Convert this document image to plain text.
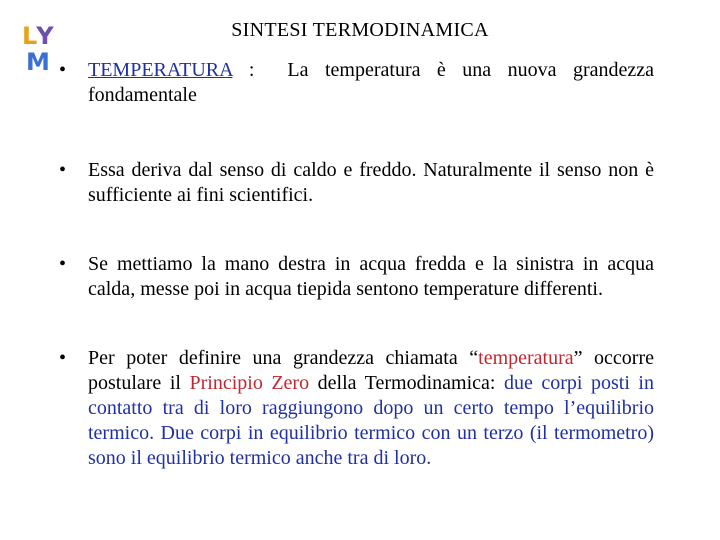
LYM
SINTESI TERMODINAMICA
• TEMPERATURA :  La temperatura è una nuova grandezza fondamentale
• Essa deriva dal senso di caldo e freddo. Naturalmente il senso non è sufficiente ai fini scientifici.
• Se mettiamo la mano destra in acqua fredda e la sinistra in acqua calda, messe poi in acqua tiepida sentono temperature differenti.
• Per poter definire una grandezza chiamata “temperatura” occorre postulare il Principio Zero della Termodinamica: due corpi posti in contatto tra di loro raggiungono dopo un certo tempo l’equilibrio termico. Due corpi in equilibrio termico con un terzo (il termometro) sono il equilibrio termico anche tra di loro.
